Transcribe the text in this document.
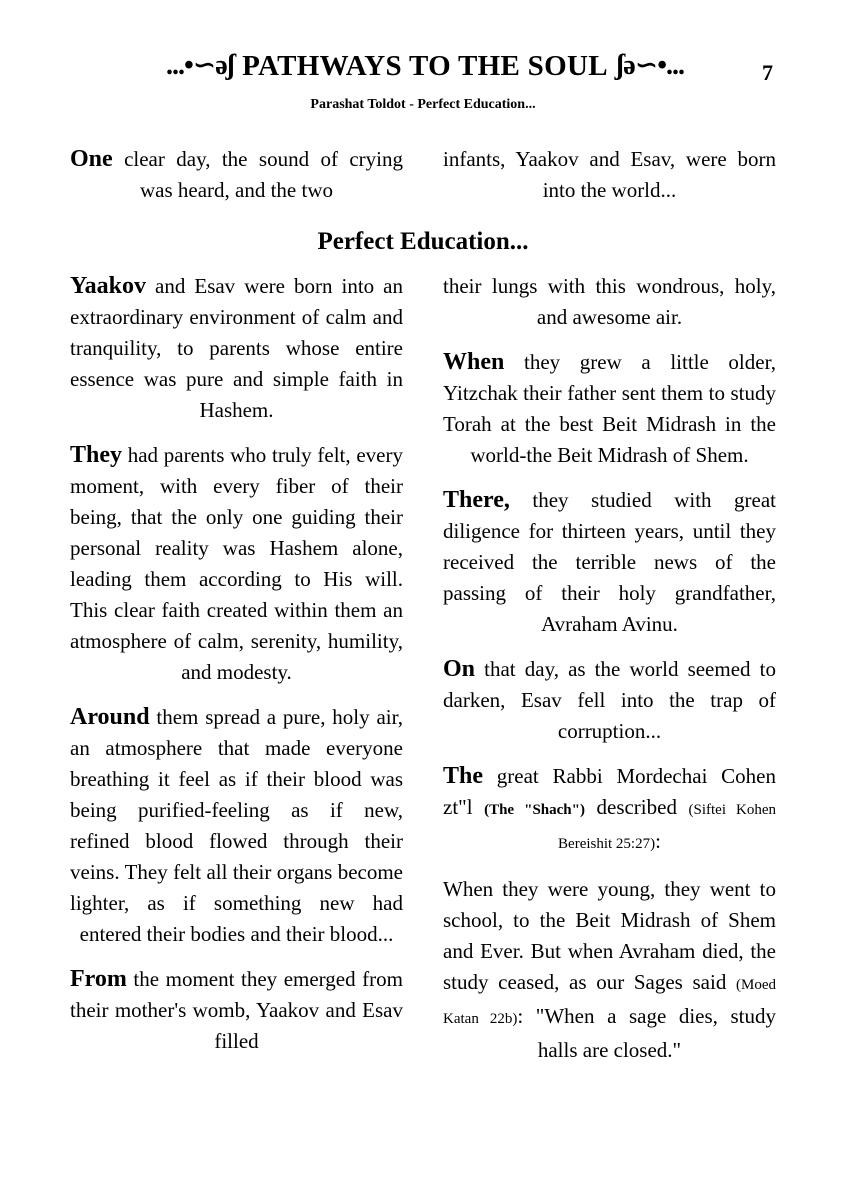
...•∽əʃ PATHWAYS TO THE SOUL ʃə∽•...	7
Parashat Toldot - Perfect Education...

One clear day, the sound of crying was heard, and the two

infants, Yaakov and Esav, were born into the world...

Perfect Education...

Yaakov and Esav were born into an extraordinary environment of calm and tranquility, to parents whose entire essence was pure and simple faith in Hashem.

They had parents who truly felt, every moment, with every fiber of their being, that the only one guiding their personal reality was Hashem alone, leading them according to His will. This clear faith created within them an atmosphere of calm, serenity, humility, and modesty.

Around them spread a pure, holy air, an atmosphere that made everyone breathing it feel as if their blood was being purified-feeling as if new, refined blood flowed through their veins. They felt all their organs become lighter, as if something new had entered their bodies and their blood...

From the moment they emerged from their mother's womb, Yaakov and Esav filled

their lungs with this wondrous, holy, and awesome air.

When they grew a little older, Yitzchak their father sent them to study Torah at the best Beit Midrash in the world-the Beit Midrash of Shem.

There, they studied with great diligence for thirteen years, until they received the terrible news of the passing of their holy grandfather, Avraham Avinu.

On that day, as the world seemed to darken, Esav fell into the trap of corruption...

The great Rabbi Mordechai Cohen zt"l (The "Shach") described (Siftei Kohen Bereishit 25:27):

When they were young, they went to school, to the Beit Midrash of Shem and Ever. But when Avraham died, the study ceased, as our Sages said (Moed Katan 22b): "When a sage dies, study halls are closed."
